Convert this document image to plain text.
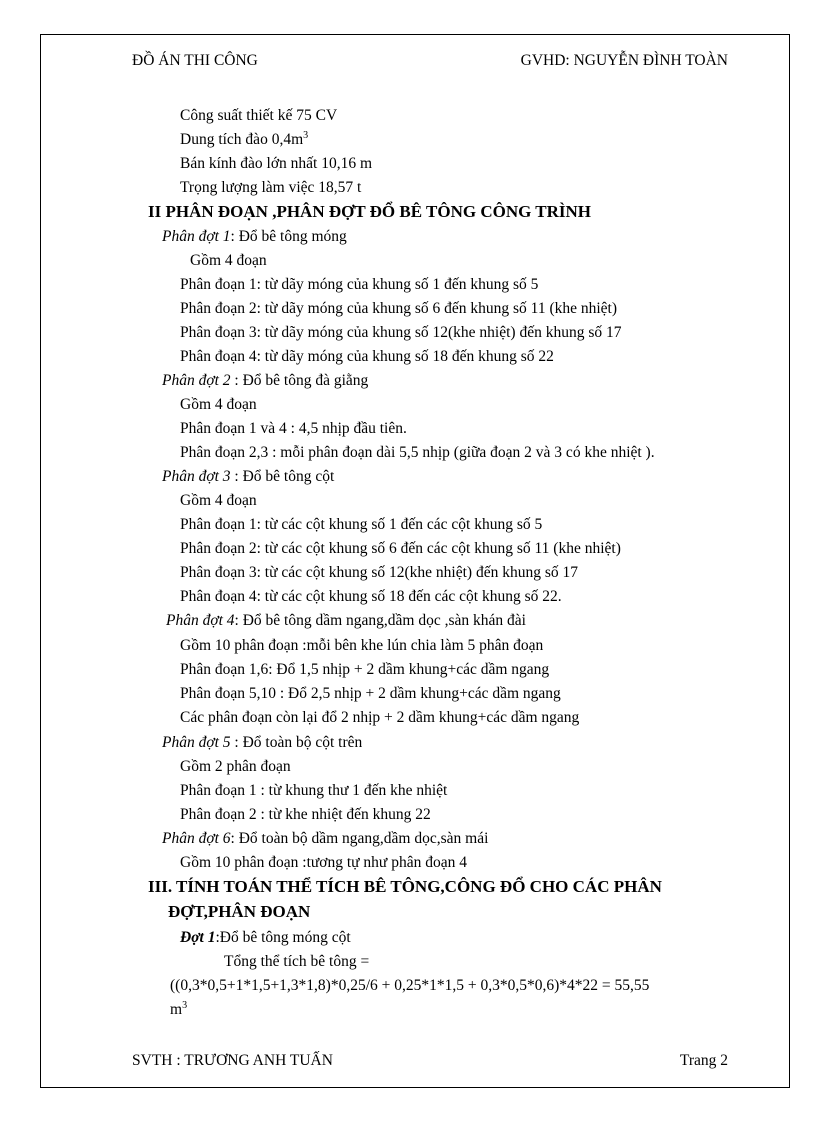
ĐỒ ÁN THI CÔNG	GVHD: NGUYỄN ĐÌNH TOÀN
Công suất thiết kế 75 CV
Dung tích đào $0,4m^3$
Bán kính đào lớn nhất 10,16 m
Trọng lượng làm việc 18,57 t
II PHÂN ĐOẠN ,PHÂN ĐỢT ĐỔ BÊ TÔNG CÔNG TRÌNH
Phân đợt 1: Đổ bê tông móng
Gồm 4 đoạn
Phân đoạn 1: từ dãy móng của khung số 1 đến khung số 5
Phân đoạn 2: từ dãy móng của khung số 6 đến khung số 11 (khe nhiệt)
Phân đoạn 3: từ dãy móng của khung số 12(khe nhiệt) đến khung số 17
Phân đoạn 4: từ dãy móng của khung số 18 đến khung số 22
Phân đợt 2 : Đổ bê tông đà giằng
Gồm 4 đoạn
Phân đoạn 1 và 4 : 4,5 nhịp đầu tiên.
Phân đoạn 2,3 : mỗi phân đoạn dài 5,5 nhịp (giữa đoạn 2 và 3 có khe nhiệt ).
Phân đợt 3 : Đổ bê tông cột
Gồm 4 đoạn
Phân đoạn 1: từ các cột khung số 1 đến các cột khung số 5
Phân đoạn 2: từ các cột khung số 6 đến các cột khung số 11 (khe nhiệt)
Phân đoạn 3: từ các cột khung số 12(khe nhiệt) đến khung số 17
Phân đoạn 4: từ các cột khung số 18 đến các cột khung số 22.
Phân đợt 4: Đổ bê tông dầm ngang,dầm dọc ,sàn khán đài
Gồm 10 phân đoạn :mỗi bên khe lún chia làm 5 phân đoạn
Phân đoạn 1,6: Đổ 1,5 nhịp + 2 dầm khung+các dầm ngang
Phân đoạn 5,10 : Đổ 2,5 nhịp + 2 dầm khung+các dầm ngang
Các phân đoạn còn lại đổ 2 nhịp + 2 dầm khung+các dầm ngang
Phân đợt 5 : Đổ toàn bộ cột trên
Gồm 2 phân đoạn
Phân đoạn 1 : từ khung thư 1 đến khe nhiệt
Phân đoạn 2 : từ khe nhiệt đến khung 22
Phân đợt 6: Đổ toàn bộ dầm ngang,dầm dọc,sàn mái
Gồm 10 phân đoạn :tương tự như phân đoạn 4
III. TÍNH TOÁN THỂ TÍCH BÊ TÔNG,CÔNG ĐỔ CHO CÁC PHÂN
ĐỢT,PHÂN ĐOẠN
Đợt 1:Đổ bê tông móng cột
Tổng thể tích bê tông =
((0,3*0,5+1*1,5+1,3*1,8)*0,25/6 + 0,25*1*1,5 + 0,3*0,5*0,6)*4*22 = 55,55
$m^3$
SVTH : TRƯƠNG ANH TUẤN	Trang 2
